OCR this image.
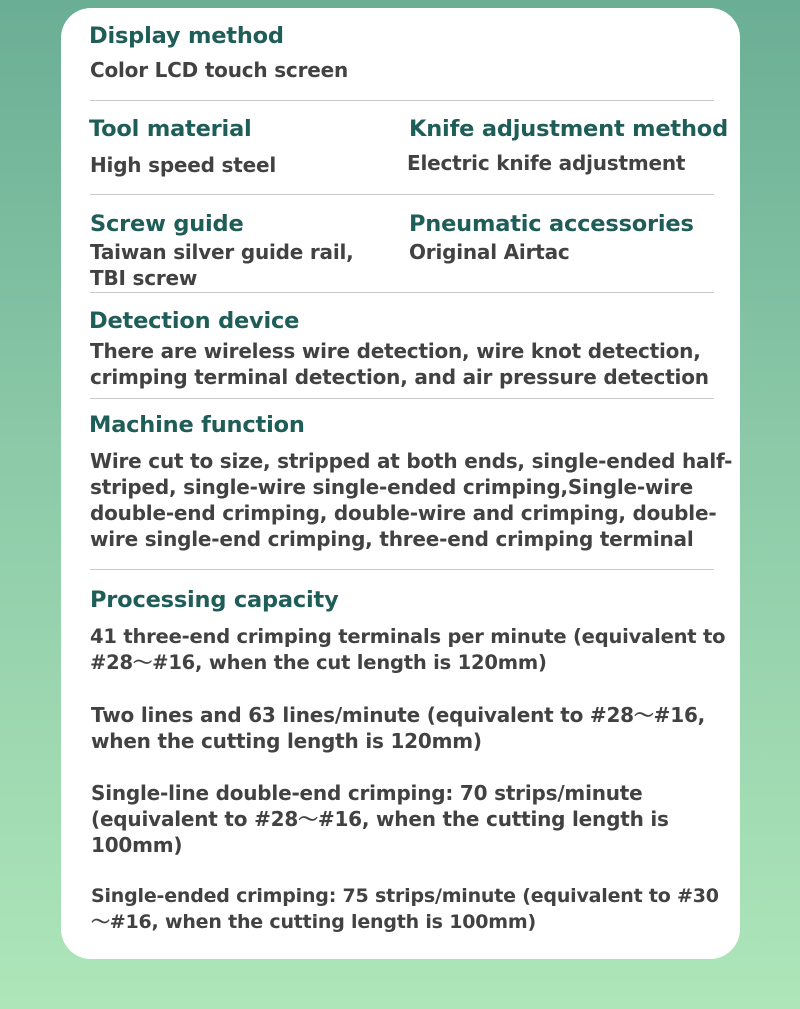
Display method
Color LCD touch screen
Tool material
High speed steel
Knife adjustment method
Electric knife adjustment
Screw guide
Taiwan silver guide rail,
TBI screw
Pneumatic accessories
Original Airtac
Detection device
There are wireless wire detection, wire knot detection,
crimping terminal detection, and air pressure detection
Machine function
Wire cut to size, stripped at both ends, single-ended half-
striped, single-wire single-ended crimping,Single-wire
double-end crimping, double-wire and crimping, double-
wire single-end crimping, three-end crimping terminal
Processing capacity
41 three-end crimping terminals per minute (equivalent to
#28～#16, when the cut length is 120mm)
Two lines and 63 lines/minute (equivalent to #28～#16,
when the cutting length is 120mm)
Single-line double-end crimping: 70 strips/minute
(equivalent to #28～#16, when the cutting length is
100mm)
Single-ended crimping: 75 strips/minute (equivalent to #30
～#16, when the cutting length is 100mm)
